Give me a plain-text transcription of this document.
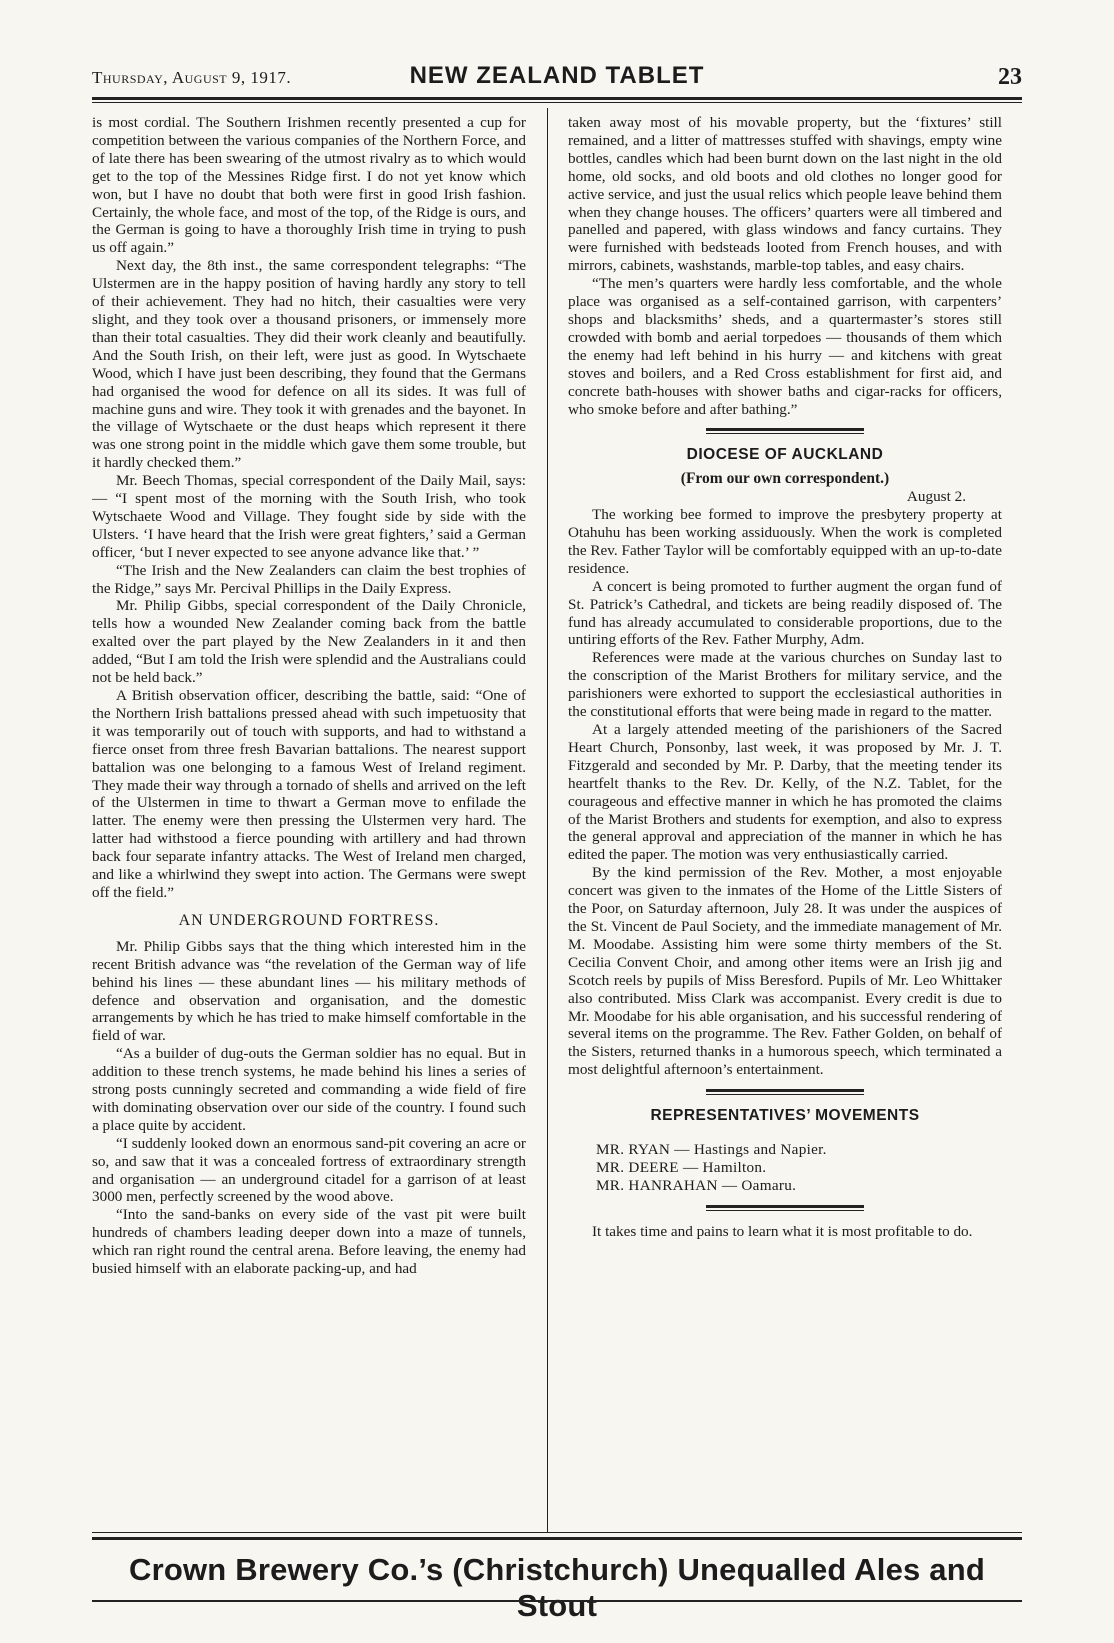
Thursday, August 9, 1917.	NEW ZEALAND TABLET	23

is most cordial. The Southern Irishmen recently presented a cup for competition between the various companies of the Northern Force, and of late there has been swearing of the utmost rivalry as to which would get to the top of the Messines Ridge first. I do not yet know which won, but I have no doubt that both were first in good Irish fashion. Certainly, the whole face, and most of the top, of the Ridge is ours, and the German is going to have a thoroughly Irish time in trying to push us off again.”

Next day, the 8th inst., the same correspondent telegraphs: “The Ulstermen are in the happy position of having hardly any story to tell of their achievement. They had no hitch, their casualties were very slight, and they took over a thousand prisoners, or immensely more than their total casualties. They did their work cleanly and beautifully. And the South Irish, on their left, were just as good. In Wytschaete Wood, which I have just been describing, they found that the Germans had organised the wood for defence on all its sides. It was full of machine guns and wire. They took it with grenades and the bayonet. In the village of Wytschaete or the dust heaps which represent it there was one strong point in the middle which gave them some trouble, but it hardly checked them.”

Mr. Beech Thomas, special correspondent of the Daily Mail, says: — “I spent most of the morning with the South Irish, who took Wytschaete Wood and Village. They fought side by side with the Ulsters. ‘I have heard that the Irish were great fighters,’ said a German officer, ‘but I never expected to see anyone advance like that.’ ”

“The Irish and the New Zealanders can claim the best trophies of the Ridge,” says Mr. Percival Phillips in the Daily Express.

Mr. Philip Gibbs, special correspondent of the Daily Chronicle, tells how a wounded New Zealander coming back from the battle exalted over the part played by the New Zealanders in it and then added, “But I am told the Irish were splendid and the Australians could not be held back.”

A British observation officer, describing the battle, said: “One of the Northern Irish battalions pressed ahead with such impetuosity that it was temporarily out of touch with supports, and had to withstand a fierce onset from three fresh Bavarian battalions. The nearest support battalion was one belonging to a famous West of Ireland regiment. They made their way through a tornado of shells and arrived on the left of the Ulstermen in time to thwart a German move to enfilade the latter. The enemy were then pressing the Ulstermen very hard. The latter had withstood a fierce pounding with artillery and had thrown back four separate infantry attacks. The West of Ireland men charged, and like a whirlwind they swept into action. The Germans were swept off the field.”

AN UNDERGROUND FORTRESS.

Mr. Philip Gibbs says that the thing which interested him in the recent British advance was “the revelation of the German way of life behind his lines — these abundant lines — his military methods of defence and observation and organisation, and the domestic arrangements by which he has tried to make himself comfortable in the field of war.

“As a builder of dug-outs the German soldier has no equal. But in addition to these trench systems, he made behind his lines a series of strong posts cunningly secreted and commanding a wide field of fire with dominating observation over our side of the country. I found such a place quite by accident.

“I suddenly looked down an enormous sand-pit covering an acre or so, and saw that it was a concealed fortress of extraordinary strength and organisation — an underground citadel for a garrison of at least 3000 men, perfectly screened by the wood above.

“Into the sand-banks on every side of the vast pit were built hundreds of chambers leading deeper down into a maze of tunnels, which ran right round the central arena. Before leaving, the enemy had busied himself with an elaborate packing-up, and had

taken away most of his movable property, but the ‘fixtures’ still remained, and a litter of mattresses stuffed with shavings, empty wine bottles, candles which had been burnt down on the last night in the old home, old socks, and old boots and old clothes no longer good for active service, and just the usual relics which people leave behind them when they change houses. The officers’ quarters were all timbered and panelled and papered, with glass windows and fancy curtains. They were furnished with bedsteads looted from French houses, and with mirrors, cabinets, washstands, marble-top tables, and easy chairs.

“The men’s quarters were hardly less comfortable, and the whole place was organised as a self-contained garrison, with carpenters’ shops and blacksmiths’ sheds, and a quartermaster’s stores still crowded with bomb and aerial torpedoes — thousands of them which the enemy had left behind in his hurry — and kitchens with great stoves and boilers, and a Red Cross establishment for first aid, and concrete bath-houses with shower baths and cigar-racks for officers, who smoke before and after bathing.”

DIOCESE OF AUCKLAND
(From our own correspondent.)
August 2.

The working bee formed to improve the presbytery property at Otahuhu has been working assiduously. When the work is completed the Rev. Father Taylor will be comfortably equipped with an up-to-date residence.

A concert is being promoted to further augment the organ fund of St. Patrick’s Cathedral, and tickets are being readily disposed of. The fund has already accumulated to considerable proportions, due to the untiring efforts of the Rev. Father Murphy, Adm.

References were made at the various churches on Sunday last to the conscription of the Marist Brothers for military service, and the parishioners were exhorted to support the ecclesiastical authorities in the constitutional efforts that were being made in regard to the matter.

At a largely attended meeting of the parishioners of the Sacred Heart Church, Ponsonby, last week, it was proposed by Mr. J. T. Fitzgerald and seconded by Mr. P. Darby, that the meeting tender its heartfelt thanks to the Rev. Dr. Kelly, of the N.Z. Tablet, for the courageous and effective manner in which he has promoted the claims of the Marist Brothers and students for exemption, and also to express the general approval and appreciation of the manner in which he has edited the paper. The motion was very enthusiastically carried.

By the kind permission of the Rev. Mother, a most enjoyable concert was given to the inmates of the Home of the Little Sisters of the Poor, on Saturday afternoon, July 28. It was under the auspices of the St. Vincent de Paul Society, and the immediate management of Mr. M. Moodabe. Assisting him were some thirty members of the St. Cecilia Convent Choir, and among other items were an Irish jig and Scotch reels by pupils of Miss Beresford. Pupils of Mr. Leo Whittaker also contributed. Miss Clark was accompanist. Every credit is due to Mr. Moodabe for his able organisation, and his successful rendering of several items on the programme. The Rev. Father Golden, on behalf of the Sisters, returned thanks in a humorous speech, which terminated a most delightful afternoon’s entertainment.

REPRESENTATIVES’ MOVEMENTS
MR. RYAN — Hastings and Napier.
MR. DEERE — Hamilton.
MR. HANRAHAN — Oamaru.

It takes time and pains to learn what it is most profitable to do.

Crown Brewery Co.’s (Christchurch) Unequalled Ales and Stout
